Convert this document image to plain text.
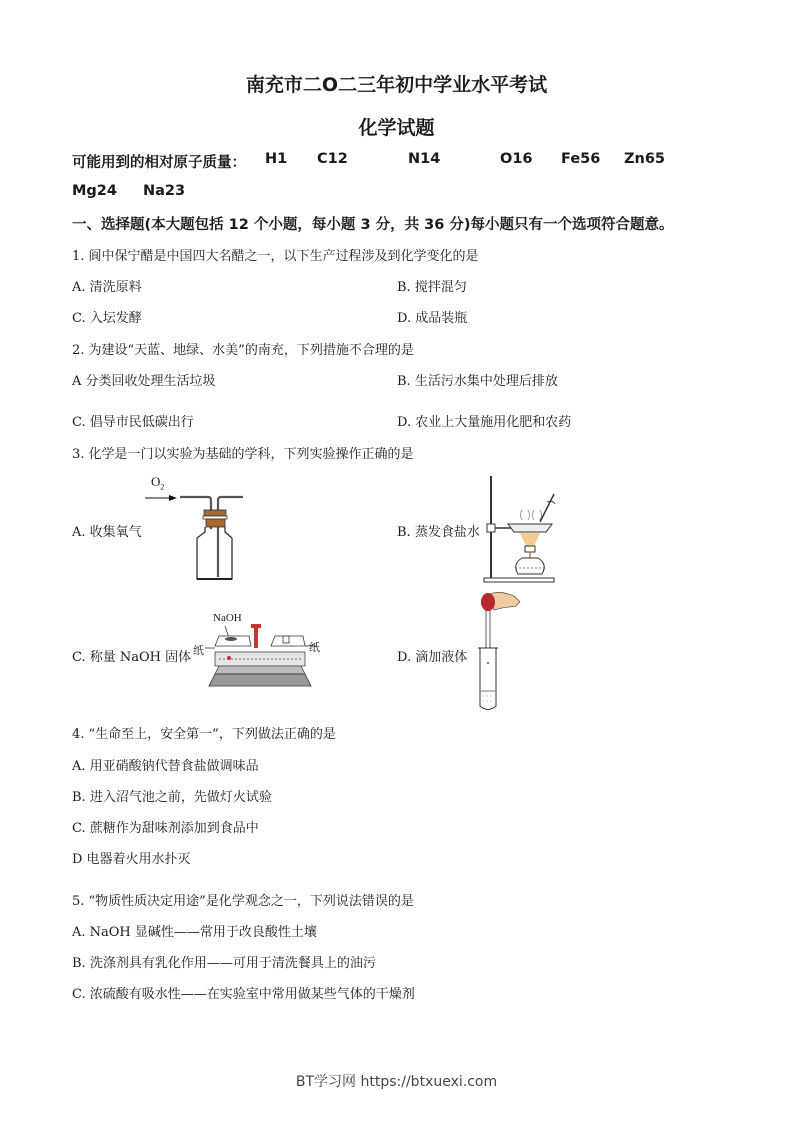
南充市二O二三年初中学业水平考试
化学试题
可能用到的相对原子质量： H1 C12	N14	O16 Fe56 Zn65
Mg24 Na23
一、选择题(本大题包括 12 个小题，每小题 3 分，共 36 分)每小题只有一个选项符合题意。
1. 阆中保宁醋是中国四大名醋之一，以下生产过程涉及到化学变化的是
A. 清洗原料	B. 搅拌混匀
C. 入坛发酵	D. 成品装瓶
2. 为建设“天蓝、地绿、水美”的南充，下列措施不合理的是
A 分类回收处理生活垃圾	B. 生活污水集中处理后排放
C. 倡导市民低碳出行	D. 农业上大量施用化肥和农药
3. 化学是一门以实验为基础的学科，下列实验操作正确的是
A. 收集氧气	B. 蒸发食盐水
C. 称量 NaOH 固体	D. 滴加液体
$O_2$
NaOH
纸	纸
4. “生命至上，安全第一”，下列做法正确的是
A. 用亚硝酸钠代替食盐做调味品
B. 进入沼气池之前，先做灯火试验
C. 蔗糖作为甜味剂添加到食品中
D 电器着火用水扑灭
5. “物质性质决定用途”是化学观念之一，下列说法错误的是
A. NaOH 显碱性——常用于改良酸性土壤
B. 洗涤剂具有乳化作用——可用于清洗餐具上的油污
C. 浓硫酸有吸水性——在实验室中常用做某些气体的干燥剂
BT学习网 https://btxuexi.com
